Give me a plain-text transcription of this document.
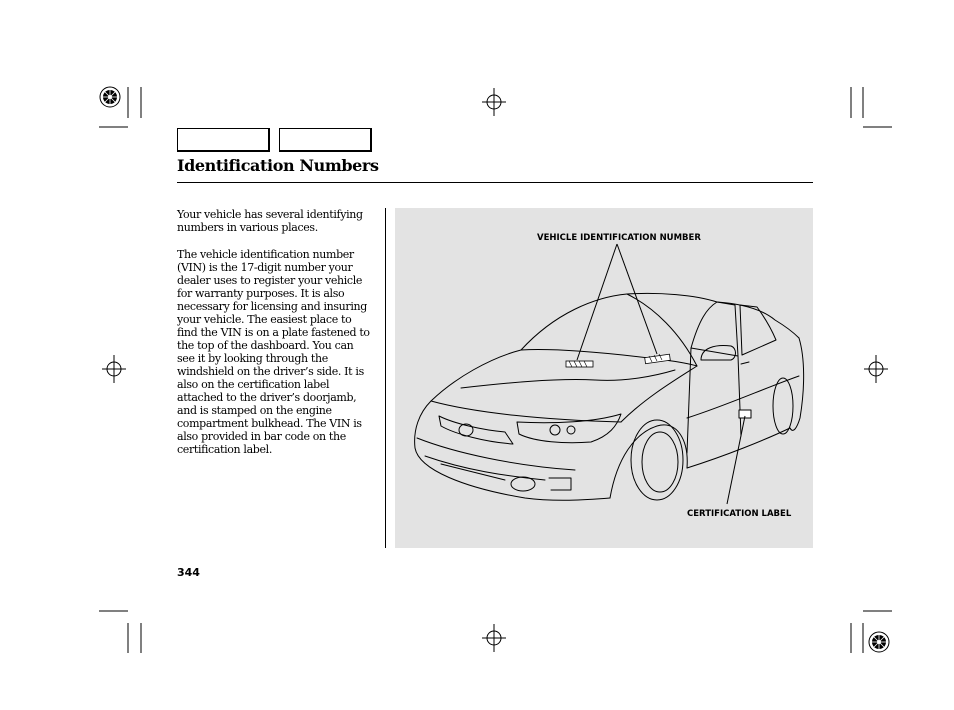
Identification Numbers
Your vehicle has several identifying
numbers in various places.
The vehicle identification number
(VIN) is the 17-digit number your
dealer uses to register your vehicle
for warranty purposes. It is also
necessary for licensing and insuring
your vehicle. The easiest place to
find the VIN is on a plate fastened to
the top of the dashboard. You can
see it by looking through the
windshield on the driver’s side. It is
also on the certification label
attached to the driver’s doorjamb,
and is stamped on the engine
compartment bulkhead. The VIN is
also provided in bar code on the
certification label.
VEHICLE IDENTIFICATION NUMBER
CERTIFICATION LABEL
344
